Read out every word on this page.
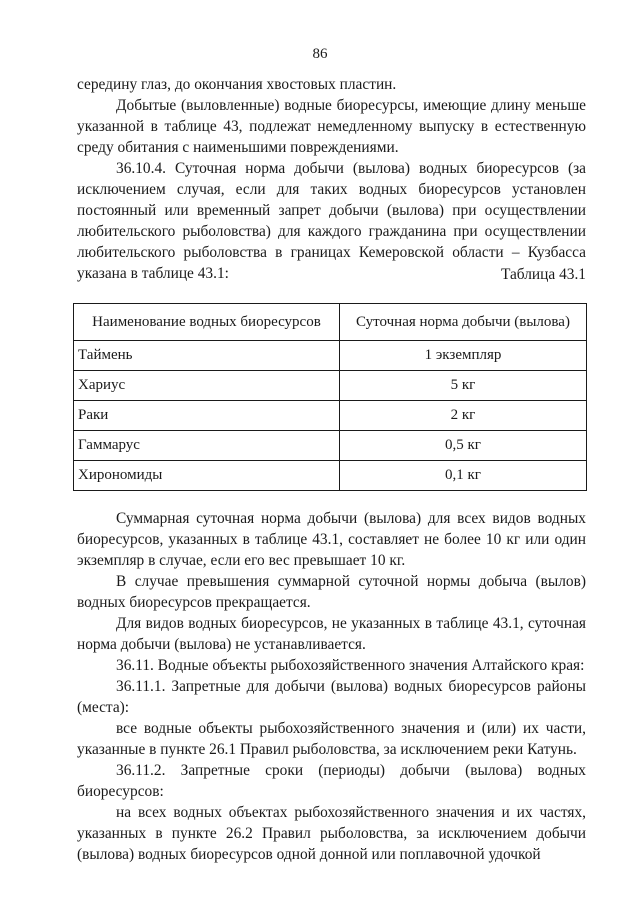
86

середину глаз, до окончания хвостовых пластин.

Добытые (выловленные) водные биоресурсы, имеющие длину меньше указанной в таблице 43, подлежат немедленному выпуску в естественную среду обитания с наименьшими повреждениями.

36.10.4. Суточная норма добычи (вылова) водных биоресурсов (за исключением случая, если для таких водных биоресурсов установлен постоянный или временный запрет добычи (вылова) при осуществлении любительского рыболовства) для каждого гражданина при осуществлении любительского рыболовства в границах Кемеровской области – Кузбасса указана в таблице 43.1:	Таблица 43.1
Наименование водных биоресурсов	Суточная норма добычи (вылова)
Таймень	1 экземпляр
Хариус	5 кг
Раки	2 кг
Гаммарус	0,5 кг
Хирономиды	0,1 кг

Суммарная суточная норма добычи (вылова) для всех видов водных биоресурсов, указанных в таблице 43.1, составляет не более 10 кг или один экземпляр в случае, если его вес превышает 10 кг.

В случае превышения суммарной суточной нормы добыча (вылов) водных биоресурсов прекращается.

Для видов водных биоресурсов, не указанных в таблице 43.1, суточная норма добычи (вылова) не устанавливается.

36.11. Водные объекты рыбохозяйственного значения Алтайского края:

36.11.1. Запретные для добычи (вылова) водных биоресурсов районы (места):

все водные объекты рыбохозяйственного значения и (или) их части, указанные в пункте 26.1 Правил рыболовства, за исключением реки Катунь.

36.11.2. Запретные сроки (периоды) добычи (вылова) водных биоресурсов:

на всех водных объектах рыбохозяйственного значения и их частях, указанных в пункте 26.2 Правил рыболовства, за исключением добычи (вылова) водных биоресурсов одной донной или поплавочной удочкой
